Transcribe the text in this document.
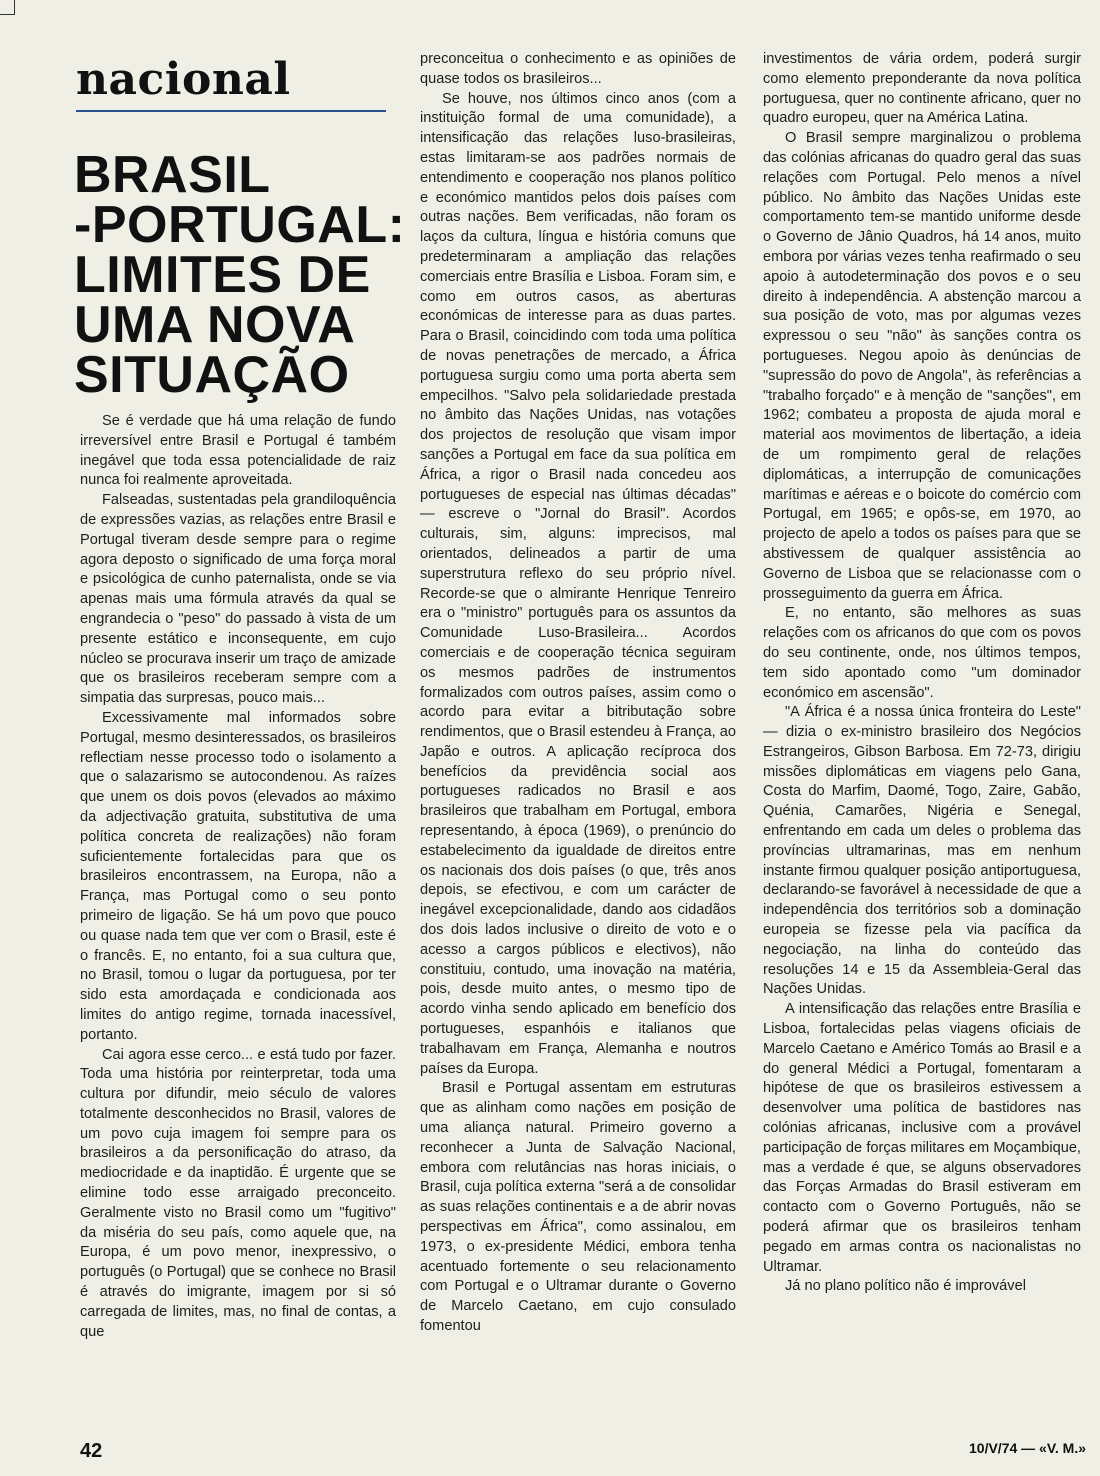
nacional
BRASIL
-PORTUGAL:
LIMITES DE
UMA NOVA
SITUAÇÃO

Se é verdade que há uma relação de fundo irreversível entre Brasil e Portugal é também inegável que toda essa potencialidade de raiz nunca foi realmente aproveitada.

Falseadas, sustentadas pela grandiloquência de expressões vazias, as relações entre Brasil e Portugal tiveram desde sempre para o regime agora deposto o significado de uma força moral e psicológica de cunho paternalista, onde se via apenas mais uma fórmula através da qual se engrandecia o "peso" do passado à vista de um presente estático e inconsequente, em cujo núcleo se procurava inserir um traço de amizade que os brasileiros receberam sempre com a simpatia das surpresas, pouco mais...

Excessivamente mal informados sobre Portugal, mesmo desinteressados, os brasileiros reflectiam nesse processo todo o isolamento a que o salazarismo se autocondenou. As raízes que unem os dois povos (elevados ao máximo da adjectivação gratuita, substitutiva de uma política concreta de realizações) não foram suficientemente fortalecidas para que os brasileiros encontrassem, na Europa, não a França, mas Portugal como o seu ponto primeiro de ligação. Se há um povo que pouco ou quase nada tem que ver com o Brasil, este é o francês. E, no entanto, foi a sua cultura que, no Brasil, tomou o lugar da portuguesa, por ter sido esta amordaçada e condicionada aos limites do antigo regime, tornada inacessível, portanto.

Cai agora esse cerco... e está tudo por fazer. Toda uma história por reinterpretar, toda uma cultura por difundir, meio século de valores totalmente desconhecidos no Brasil, valores de um povo cuja imagem foi sempre para os brasileiros a da personificação do atraso, da mediocridade e da inaptidão. É urgente que se elimine todo esse arraigado preconceito. Geralmente visto no Brasil como um "fugitivo" da miséria do seu país, como aquele que, na Europa, é um povo menor, inexpressivo, o português (o Portugal) que se conhece no Brasil é através do imigrante, imagem por si só carregada de limites, mas, no final de contas, a que

preconceitua o conhecimento e as opiniões de quase todos os brasileiros...

Se houve, nos últimos cinco anos (com a instituição formal de uma comunidade), a intensificação das relações luso-brasileiras, estas limitaram-se aos padrões normais de entendimento e cooperação nos planos político e económico mantidos pelos dois países com outras nações. Bem verificadas, não foram os laços da cultura, língua e história comuns que predeterminaram a ampliação das relações comerciais entre Brasília e Lisboa. Foram sim, e como em outros casos, as aberturas económicas de interesse para as duas partes. Para o Brasil, coincidindo com toda uma política de novas penetrações de mercado, a África portuguesa surgiu como uma porta aberta sem empecilhos. "Salvo pela solidariedade prestada no âmbito das Nações Unidas, nas votações dos projectos de resolução que visam impor sanções a Portugal em face da sua política em África, a rigor o Brasil nada concedeu aos portugueses de especial nas últimas décadas" — escreve o "Jornal do Brasil". Acordos culturais, sim, alguns: imprecisos, mal orientados, delineados a partir de uma superstrutura reflexo do seu próprio nível. Recorde-se que o almirante Henrique Tenreiro era o "ministro" português para os assuntos da Comunidade Luso-Brasileira... Acordos comerciais e de cooperação técnica seguiram os mesmos padrões de instrumentos formalizados com outros países, assim como o acordo para evitar a bitributação sobre rendimentos, que o Brasil estendeu à França, ao Japão e outros. A aplicação recíproca dos benefícios da previdência social aos portugueses radicados no Brasil e aos brasileiros que trabalham em Portugal, embora representando, à época (1969), o prenúncio do estabelecimento da igualdade de direitos entre os nacionais dos dois países (o que, três anos depois, se efectivou, e com um carácter de inegável excepcionalidade, dando aos cidadãos dos dois lados inclusive o direito de voto e o acesso a cargos públicos e electivos), não constituiu, contudo, uma inovação na matéria, pois, desde muito antes, o mesmo tipo de acordo vinha sendo aplicado em benefício dos portugueses, espanhóis e italianos que trabalhavam em França, Alemanha e noutros países da Europa.

Brasil e Portugal assentam em estruturas que as alinham como nações em posição de uma aliança natural. Primeiro governo a reconhecer a Junta de Salvação Nacional, embora com relutâncias nas horas iniciais, o Brasil, cuja política externa "será a de consolidar as suas relações continentais e a de abrir novas perspectivas em África", como assinalou, em 1973, o ex-presidente Médici, embora tenha acentuado fortemente o seu relacionamento com Portugal e o Ultramar durante o Governo de Marcelo Caetano, em cujo consulado fomentou

investimentos de vária ordem, poderá surgir como elemento preponderante da nova política portuguesa, quer no continente africano, quer no quadro europeu, quer na América Latina.

O Brasil sempre marginalizou o problema das colónias africanas do quadro geral das suas relações com Portugal. Pelo menos a nível público. No âmbito das Nações Unidas este comportamento tem-se mantido uniforme desde o Governo de Jânio Quadros, há 14 anos, muito embora por várias vezes tenha reafirmado o seu apoio à autodeterminação dos povos e o seu direito à independência. A abstenção marcou a sua posição de voto, mas por algumas vezes expressou o seu "não" às sanções contra os portugueses. Negou apoio às denúncias de "supressão do povo de Angola", às referências a "trabalho forçado" e à menção de "sanções", em 1962; combateu a proposta de ajuda moral e material aos movimentos de libertação, a ideia de um rompimento geral de relações diplomáticas, a interrupção de comunicações marítimas e aéreas e o boicote do comércio com Portugal, em 1965; e opôs-se, em 1970, ao projecto de apelo a todos os países para que se abstivessem de qualquer assistência ao Governo de Lisboa que se relacionasse com o prosseguimento da guerra em África.

E, no entanto, são melhores as suas relações com os africanos do que com os povos do seu continente, onde, nos últimos tempos, tem sido apontado como "um dominador económico em ascensão".

"A África é a nossa única fronteira do Leste" — dizia o ex-ministro brasileiro dos Negócios Estrangeiros, Gibson Barbosa. Em 72-73, dirigiu missões diplomáticas em viagens pelo Gana, Costa do Marfim, Daomé, Togo, Zaire, Gabão, Quénia, Camarões, Nigéria e Senegal, enfrentando em cada um deles o problema das províncias ultramarinas, mas em nenhum instante firmou qualquer posição antiportuguesa, declarando-se favorável à necessidade de que a independência dos territórios sob a dominação europeia se fizesse pela via pacífica da negociação, na linha do conteúdo das resoluções 14 e 15 da Assembleia-Geral das Nações Unidas.

A intensificação das relações entre Brasília e Lisboa, fortalecidas pelas viagens oficiais de Marcelo Caetano e Américo Tomás ao Brasil e a do general Médici a Portugal, fomentaram a hipótese de que os brasileiros estivessem a desenvolver uma política de bastidores nas colónias africanas, inclusive com a provável participação de forças militares em Moçambique, mas a verdade é que, se alguns observadores das Forças Armadas do Brasil estiveram em contacto com o Governo Português, não se poderá afirmar que os brasileiros tenham pegado em armas contra os nacionalistas no Ultramar.

Já no plano político não é improvável

42	10/V/74 — «V. M.»
